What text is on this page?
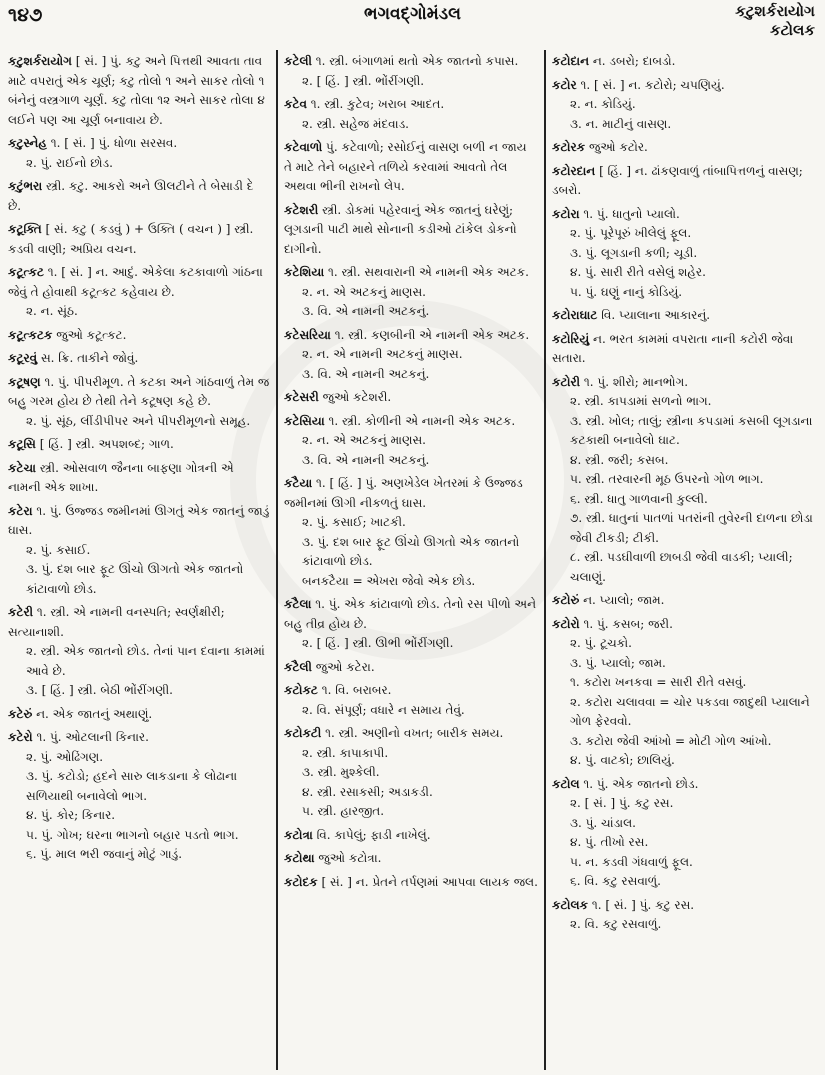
૧૪૭	ભગવદ્ગોમંડલ	કટુશર્કરાયોગ
કટોલક
કટુશર્કરાયોગ [ સં. ] પું. કટુ અને પિત્તથી આવતા તાવ માટે વપરાતું એક ચૂર્ણ; કટુ તોલો ૧ અને સાકર તોલો ૧ બંનેનું વસ્ત્રગાળ ચૂર્ણ. કટુ તોલા ૧૨ અને સાકર તોલા ૪ લઈને પણ આ ચૂર્ણ બનાવાય છે.
કટુસ્નેહ ૧. [ સં. ] પું. ધોળા સરસવ.
૨. પું. રાઈનો છોડ.
કટુંભરા સ્ત્રી. કટુ. આકરો અને ઊલટીને તે બેસાડી દે છે.
કટૂક્તિ [ સં. કટુ ( કડવું ) + ઉક્તિ ( વચન ) ] સ્ત્રી. કડવી વાણી; અપ્રિય વચન.
કટૂત્કટ ૧. [ સં. ] ન. આદું. એકેલા કટકાવાળો ગાંઠના જેવું તે હોવાથી કટૂત્કટ કહેવાય છે.
૨. ન. સૂંઠ.
કટૂત્કટક જુઓ કટૂત્કટ.
કટૂરવું સ. ક્રિ. તાકીને જોવું.
કટૂષણ ૧. પું. પીપરીમૂળ. તે કટકા અને ગાંઠવાળું તેમ જ બહુ ગરમ હોય છે તેથી તેને કટૂષણ કહે છે.
૨. પું. સૂંઠ, લીંડીપીપર અને પીપરીમૂળનો સમૂહ.
કટૂસિ [ હિં. ] સ્ત્રી. અપશબ્દ; ગાળ.
કટેચા સ્ત્રી. ઓસવાળ જૈનના બાફણા ગોત્રની એ નામની એક શાખા.
કટેરા ૧. પું. ઉજ્જડ જમીનમાં ઊગતું એક જાતનું જાડું ઘાસ.
૨. પું. કસાઈ.
૩. પું. દશ બાર ફૂટ ઊંચો ઊગતો એક જાતનો કાંટાવાળો છોડ.
કટેરી ૧. સ્ત્રી. એ નામની વનસ્પતિ; સ્વર્ણક્ષીરી; સત્યાનાશી.
૨. સ્ત્રી. એક જાતનો છોડ. તેનાં પાન દવાના કામમાં આવે છે.
૩. [ હિં. ] સ્ત્રી. બેઠી ભોંરીંગણી.
કટેરું ન. એક જાતનું અથાણું.
કટેરો ૧. પું. ઓટલાની કિનાર.
૨. પું. ઓઢિંગણ.
૩. પું. કટોડો; હદને સારુ લાકડાના કે લોઢાના સળિયાથી બનાવેલો ભાગ.
૪. પું. કોર; કિનાર.
૫. પું. ગોખ; ઘરના ભાગનો બહાર પડતો ભાગ.
૬. પું. માલ ભરી જવાનું મોટું ગાડું.
કટેલી ૧. સ્ત્રી. બંગાળમાં થતો એક જાતનો કપાસ.
૨. [ હિં. ] સ્ત્રી. ભોંરીંગણી.
કટેવ ૧. સ્ત્રી. કુટેવ; ખરાબ આદત.
૨. સ્ત્રી. સહેજ મંદવાડ.
કટેવાળો પું. કટેવાળો; રસોઈનું વાસણ બળી ન જાય તે માટે તેને બહારને તળિયે કરવામાં આવતો તેલ અથવા ભીની રાખનો લેપ.
કટેશરી સ્ત્રી. ડોકમાં પહેરવાનું એક જાતનું ઘરેણું; લૂગડાની પાટી માથે સોનાની કડીઓ ટાંકેલ ડોકનો દાગીનો.
કટેશિયા ૧. સ્ત્રી. સથવારાની એ નામની એક અટક.
૨. ન. એ અટકનું માણસ.
૩. વિ. એ નામની અટકનું.
કટેસરિયા ૧. સ્ત્રી. કણબીની એ નામની એક અટક.
૨. ન. એ નામની અટકનું માણસ.
૩. વિ. એ નામની અટકનું.
કટેસરી જુઓ કટેશરી.
કટેસિયા ૧. સ્ત્રી. કોળીની એ નામની એક અટક.
૨. ન. એ અટકનું માણસ.
૩. વિ. એ નામની અટકનું.
કટૈયા ૧. [ હિં. ] પું. અણખેડેલ ખેતરમાં કે ઉજ્જડ જમીનમાં ઊગી નીકળતું ઘાસ.
૨. પું. કસાઈ; ખાટકી.
૩. પું. દશ બાર ફૂટ ઊંચો ઊગતો એક જાતનો કાંટાવાળો છોડ.
બનકટૈયા = એખરા જેવો એક છોડ.
કટૈલા ૧. પું. એક કાંટાવાળો છોડ. તેનો રસ પીળો અને બહુ તીવ્ર હોય છે.
૨. [ હિં. ] સ્ત્રી. ઊભી ભોંરીંગણી.
કટૈલી જુઓ કટેરા.
કટોકટ ૧. વિ. બરાબર.
૨. વિ. સંપૂર્ણ; વધારે ન સમાય તેવું.
કટોકટી ૧. સ્ત્રી. અણીનો વખત; બારીક સમય.
૨. સ્ત્રી. કાપાકાપી.
૩. સ્ત્રી. મુશ્કેલી.
૪. સ્ત્રી. રસાકસી; અડાકડી.
૫. સ્ત્રી. હારજીત.
કટોત્રા વિ. કાપેલું; ફાડી નાખેલું.
કટોથા જુઓ કટોત્રા.
કટોદક [ સં. ] ન. પ્રેતને તર્પણમાં આપવા લાયક જલ.
કટોદાન ન. ડબરો; દાબડો.
કટોર ૧. [ સં. ] ન. કટોરો; ચપણિયું.
૨. ન. કોડિયું.
૩. ન. માટીનું વાસણ.
કટોરક જુઓ કટોર.
કટોરદાન [ હિં. ] ન. ઢાંકણવાળું તાંબાપિત્તળનું વાસણ; ડબરો.
કટોરા ૧. પું. ધાતુનો પ્યાલો.
૨. પું. પૂરેપૂરું ખીલેલું ફૂલ.
૩. પું. લૂગડાની કળી; ચૂડી.
૪. પું. સારી રીતે વસેલું શહેર.
૫. પું. ઘણું નાનું કોડિયું.
કટોરાઘાટ વિ. પ્યાલાના આકારનું.
કટોરિયું ન. ભરત કામમાં વપરાતા નાની કટોરી જેવા સતારા.
કટોરી ૧. પું. શીરો; માનભોગ.
૨. સ્ત્રી. કાપડામાં સળનો ભાગ.
૩. સ્ત્રી. ખોલ; તાલું; સ્ત્રીના કપડામાં કસબી લૂગડાના કટકાથી બનાવેલો ઘાટ.
૪. સ્ત્રી. જરી; કસબ.
૫. સ્ત્રી. તરવારની મૂઠ ઉપરનો ગોળ ભાગ.
૬. સ્ત્રી. ધાતુ ગાળવાની કુલ્લી.
૭. સ્ત્રી. ધાતુનાં પાતળાં પતરાંની તુવેરની દાળના છોડા જેવી ટીકડી; ટીકી.
૮. સ્ત્રી. પડઘીવાળી છાબડી જેવી વાડકી; પ્યાલી; ચલાણું.
કટોરું ન. પ્યાલો; જામ.
કટોરો ૧. પું. કસબ; જરી.
૨. પું. ટૂચકો.
૩. પું. પ્યાલો; જામ.
૧. કટોરા ખનકવા = સારી રીતે વસવું.
૨. કટોરા ચલાવવા = ચોર પકડવા જાદુથી પ્યાલાને ગોળ ફેરવવો.
૩. કટોરા જેવી આંખો = મોટી ગોળ આંખો.
૪. પું. વાટકો; છાલિયું.
કટોલ ૧. પું. એક જાતનો છોડ.
૨. [ સં. ] પું. કટુ રસ.
૩. પું. ચાંડાલ.
૪. પું. તીખો રસ.
૫. ન. કડવી ગંધવાળું ફૂલ.
૬. વિ. કટુ રસવાળું.
કટોલક ૧. [ સં. ] પું. કટુ રસ.
૨. વિ. કટુ રસવાળું.
